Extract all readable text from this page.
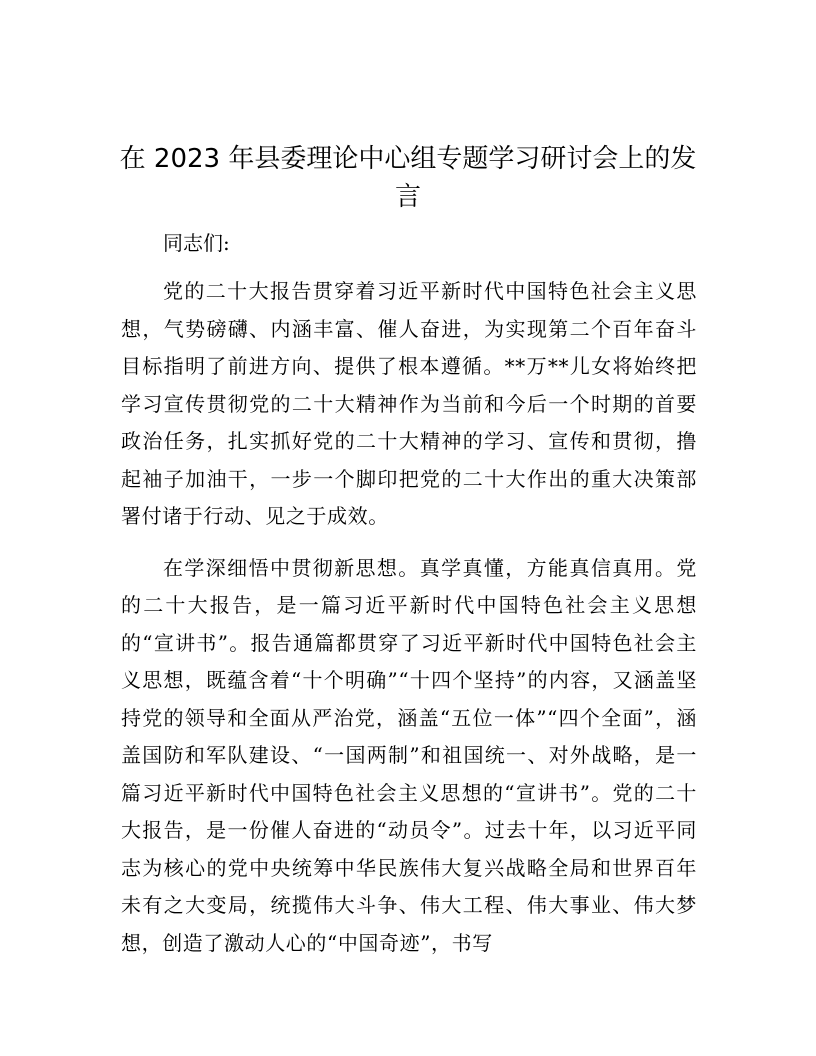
在 2023 年县委理论中心组专题学习研讨会上的发言

同志们:

党的二十大报告贯穿着习近平新时代中国特色社会主义思想，气势磅礴、内涵丰富、催人奋进，为实现第二个百年奋斗目标指明了前进方向、提供了根本遵循。**万**儿女将始终把学习宣传贯彻党的二十大精神作为当前和今后一个时期的首要政治任务，扎实抓好党的二十大精神的学习、宣传和贯彻，撸起袖子加油干，一步一个脚印把党的二十大作出的重大决策部署付诸于行动、见之于成效。

在学深细悟中贯彻新思想。真学真懂，方能真信真用。党的二十大报告，是一篇习近平新时代中国特色社会主义思想的“宣讲书”。报告通篇都贯穿了习近平新时代中国特色社会主义思想，既蕴含着“十个明确”“十四个坚持”的内容，又涵盖坚持党的领导和全面从严治党，涵盖“五位一体”“四个全面”，涵盖国防和军队建设、“一国两制”和祖国统一、对外战略，是一篇习近平新时代中国特色社会主义思想的“宣讲书”。党的二十大报告，是一份催人奋进的“动员令”。过去十年，以习近平同志为核心的党中央统筹中华民族伟大复兴战略全局和世界百年未有之大变局，统揽伟大斗争、伟大工程、伟大事业、伟大梦想，创造了激动人心的“中国奇迹”，书写
